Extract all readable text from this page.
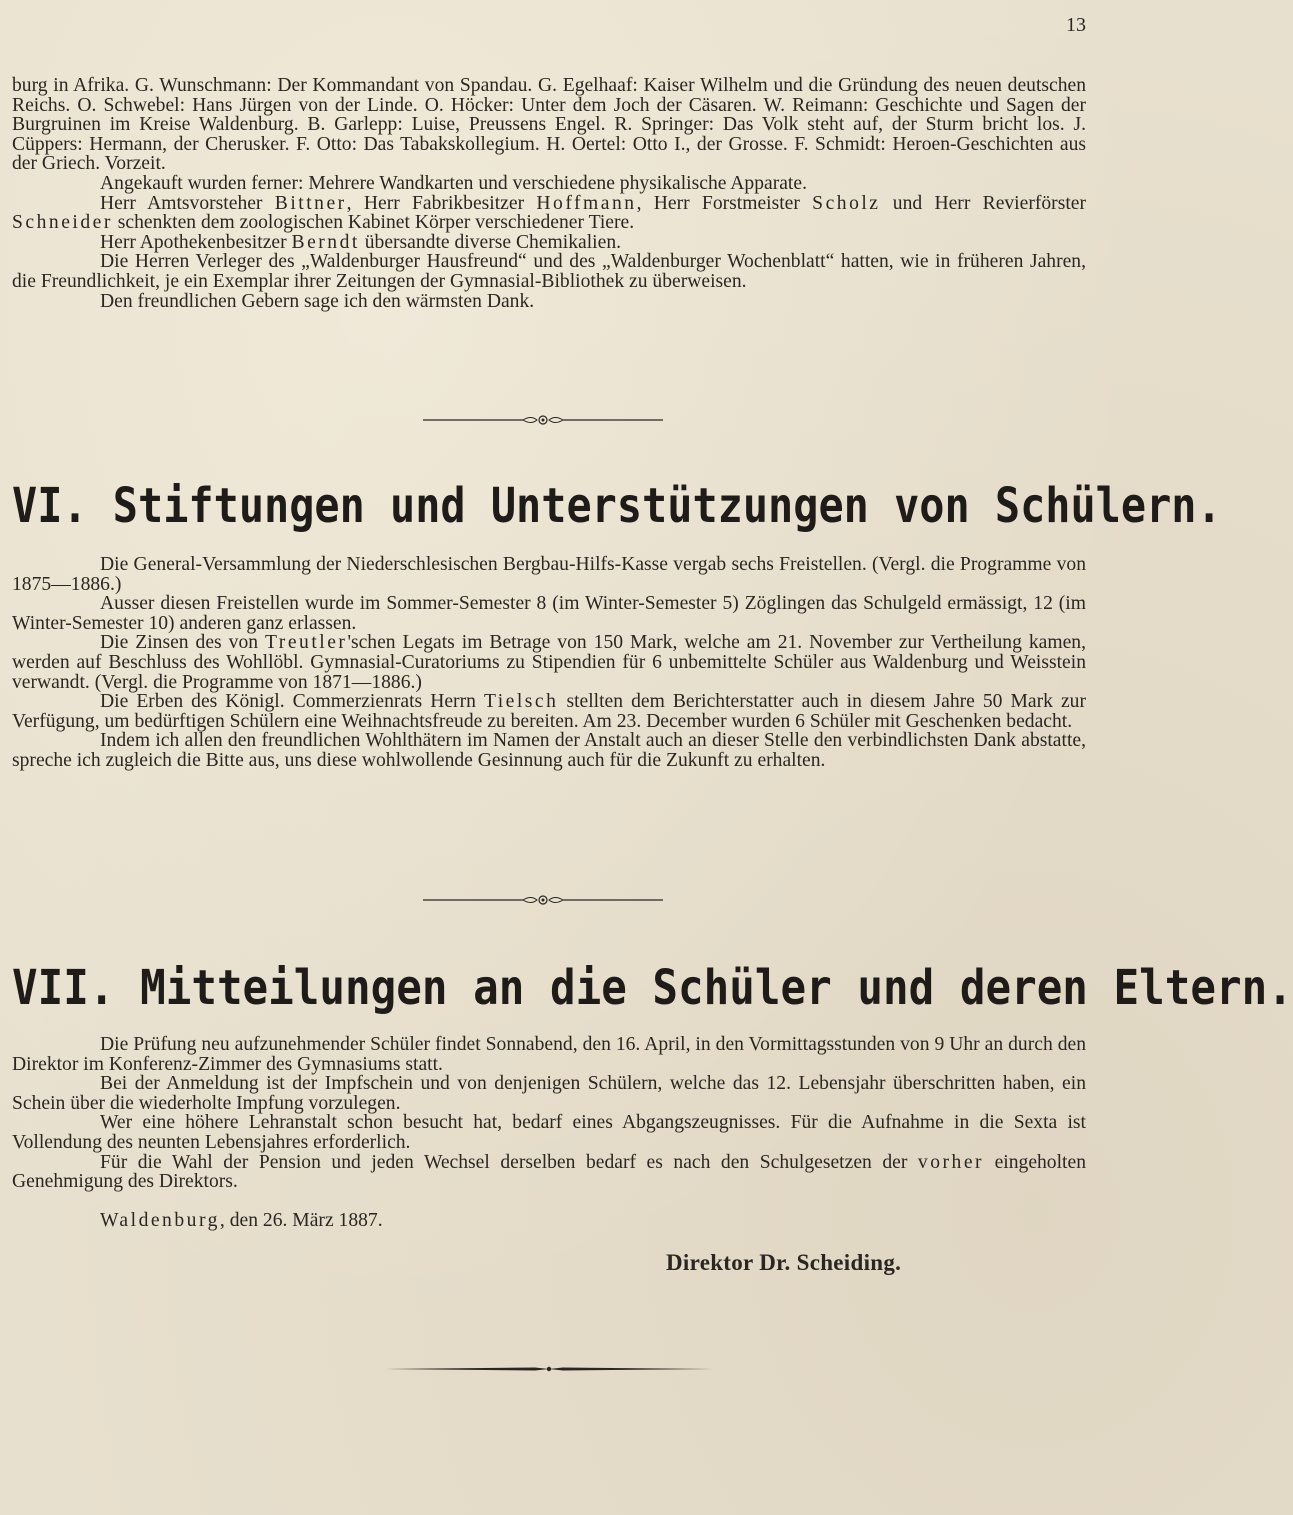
13

burg in Afrika. G. Wunschmann: Der Kommandant von Spandau. G. Egelhaaf: Kaiser Wilhelm und die Gründung des neuen deutschen Reichs. O. Schwebel: Hans Jürgen von der Linde. O. Höcker: Unter dem Joch der Cäsaren. W. Reimann: Geschichte und Sagen der Burgruinen im Kreise Waldenburg. B. Garlepp: Luise, Preussens Engel. R. Springer: Das Volk steht auf, der Sturm bricht los. J. Cüppers: Hermann, der Cherusker. F. Otto: Das Tabakskollegium. H. Oertel: Otto I., der Grosse. F. Schmidt: Heroen-Geschichten aus der Griech. Vorzeit.

Angekauft wurden ferner: Mehrere Wandkarten und verschiedene physikalische Apparate.

Herr Amtsvorsteher Bittner, Herr Fabrikbesitzer Hoffmann, Herr Forstmeister Scholz und Herr Revierförster Schneider schenkten dem zoologischen Kabinet Körper verschiedener Tiere.

Herr Apothekenbesitzer Berndt übersandte diverse Chemikalien.

Die Herren Verleger des „Waldenburger Hausfreund“ und des „Waldenburger Wochenblatt“ hatten, wie in früheren Jahren, die Freundlichkeit, je ein Exemplar ihrer Zeitungen der Gymnasial-Bibliothek zu überweisen.

Den freundlichen Gebern sage ich den wärmsten Dank.

VI. Stiftungen und Unterstützungen von Schülern.

Die General-Versammlung der Niederschlesischen Bergbau-Hilfs-Kasse vergab sechs Freistellen. (Vergl. die Programme von 1875—1886.)

Ausser diesen Freistellen wurde im Sommer-Semester 8 (im Winter-Semester 5) Zöglingen das Schulgeld ermässigt, 12 (im Winter-Semester 10) anderen ganz erlassen.

Die Zinsen des von Treutler'schen Legats im Betrage von 150 Mark, welche am 21. November zur Vertheilung kamen, werden auf Beschluss des Wohllöbl. Gymnasial-Curatoriums zu Stipendien für 6 unbemittelte Schüler aus Waldenburg und Weisstein verwandt. (Vergl. die Programme von 1871—1886.)

Die Erben des Königl. Commerzienrats Herrn Tielsch stellten dem Berichterstatter auch in diesem Jahre 50 Mark zur Verfügung, um bedürftigen Schülern eine Weihnachtsfreude zu bereiten. Am 23. December wurden 6 Schüler mit Geschenken bedacht.

Indem ich allen den freundlichen Wohlthätern im Namen der Anstalt auch an dieser Stelle den verbindlichsten Dank abstatte, spreche ich zugleich die Bitte aus, uns diese wohlwollende Gesinnung auch für die Zukunft zu erhalten.

VII. Mitteilungen an die Schüler und deren Eltern.

Die Prüfung neu aufzunehmender Schüler findet Sonnabend, den 16. April, in den Vormittagsstunden von 9 Uhr an durch den Direktor im Konferenz-Zimmer des Gymnasiums statt.

Bei der Anmeldung ist der Impfschein und von denjenigen Schülern, welche das 12. Lebensjahr überschritten haben, ein Schein über die wiederholte Impfung vorzulegen.

Wer eine höhere Lehranstalt schon besucht hat, bedarf eines Abgangszeugnisses. Für die Aufnahme in die Sexta ist Vollendung des neunten Lebensjahres erforderlich.

Für die Wahl der Pension und jeden Wechsel derselben bedarf es nach den Schulgesetzen der vorher eingeholten Genehmigung des Direktors.

Waldenburg, den 26. März 1887.
Direktor Dr. Scheiding.
